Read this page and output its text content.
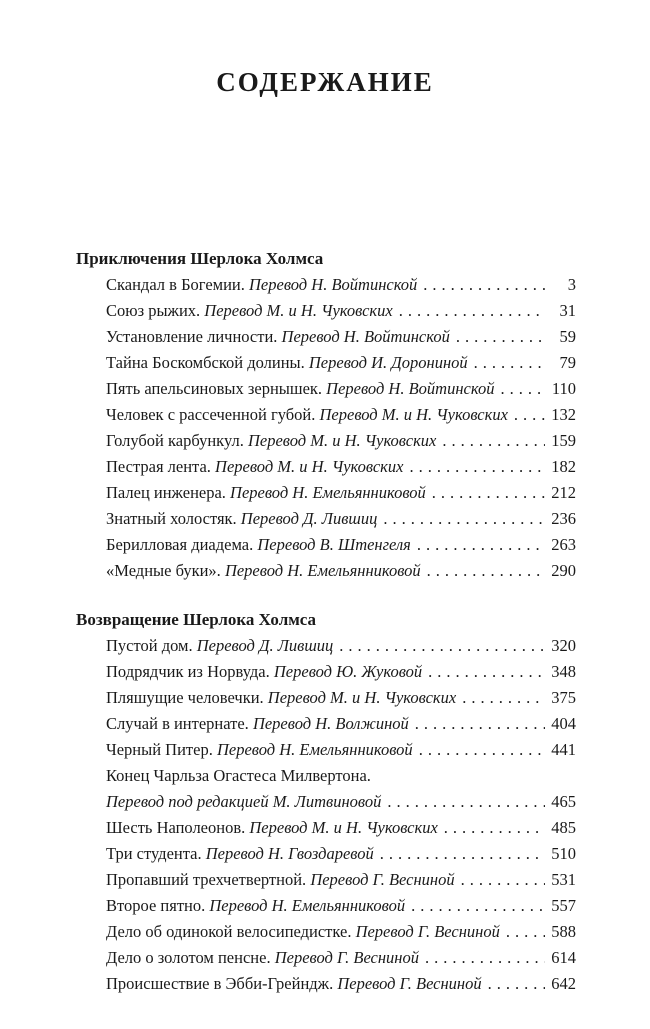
СОДЕРЖАНИЕ
Приключения Шерлока Холмса
Скандал в Богемии. Перевод Н. Войтинской .....	3
Союз рыжих. Перевод М. и Н. Чуковских .....	31
Установление личности. Перевод Н. Войтинской .....	59
Тайна Боскомбской долины. Перевод И. Дорониной .....	79
Пять апельсиновых зернышек. Перевод Н. Войтинской .....	110
Человек с рассеченной губой. Перевод М. и Н. Чуковских .....	132
Голубой карбункул. Перевод М. и Н. Чуковских .....	159
Пестрая лента. Перевод М. и Н. Чуковских .....	182
Палец инженера. Перевод Н. Емельянниковой .....	212
Знатный холостяк. Перевод Д. Лившиц .....	236
Берилловая диадема. Перевод В. Штенгеля .....	263
«Медные буки». Перевод Н. Емельянниковой .....	290
Возвращение Шерлока Холмса
Пустой дом. Перевод Д. Лившиц .....	320
Подрядчик из Норвуда. Перевод Ю. Жуковой .....	348
Пляшущие человечки. Перевод М. и Н. Чуковских .....	375
Случай в интернате. Перевод Н. Волжиной .....	404
Черный Питер. Перевод Н. Емельянниковой .....	441
Конец Чарльза Огастеса Милвертона.
Перевод под редакцией М. Литвиновой .....	465
Шесть Наполеонов. Перевод М. и Н. Чуковских .....	485
Три студента. Перевод Н. Гвоздаревой .....	510
Пропавший трехчетвертной. Перевод Г. Весниной .....	531
Второе пятно. Перевод Н. Емельянниковой .....	557
Дело об одинокой велосипедистке. Перевод Г. Весниной .....	588
Дело о золотом пенсне. Перевод Г. Весниной .....	614
Происшествие в Эбби-Грейндж. Перевод Г. Весниной .....	642
